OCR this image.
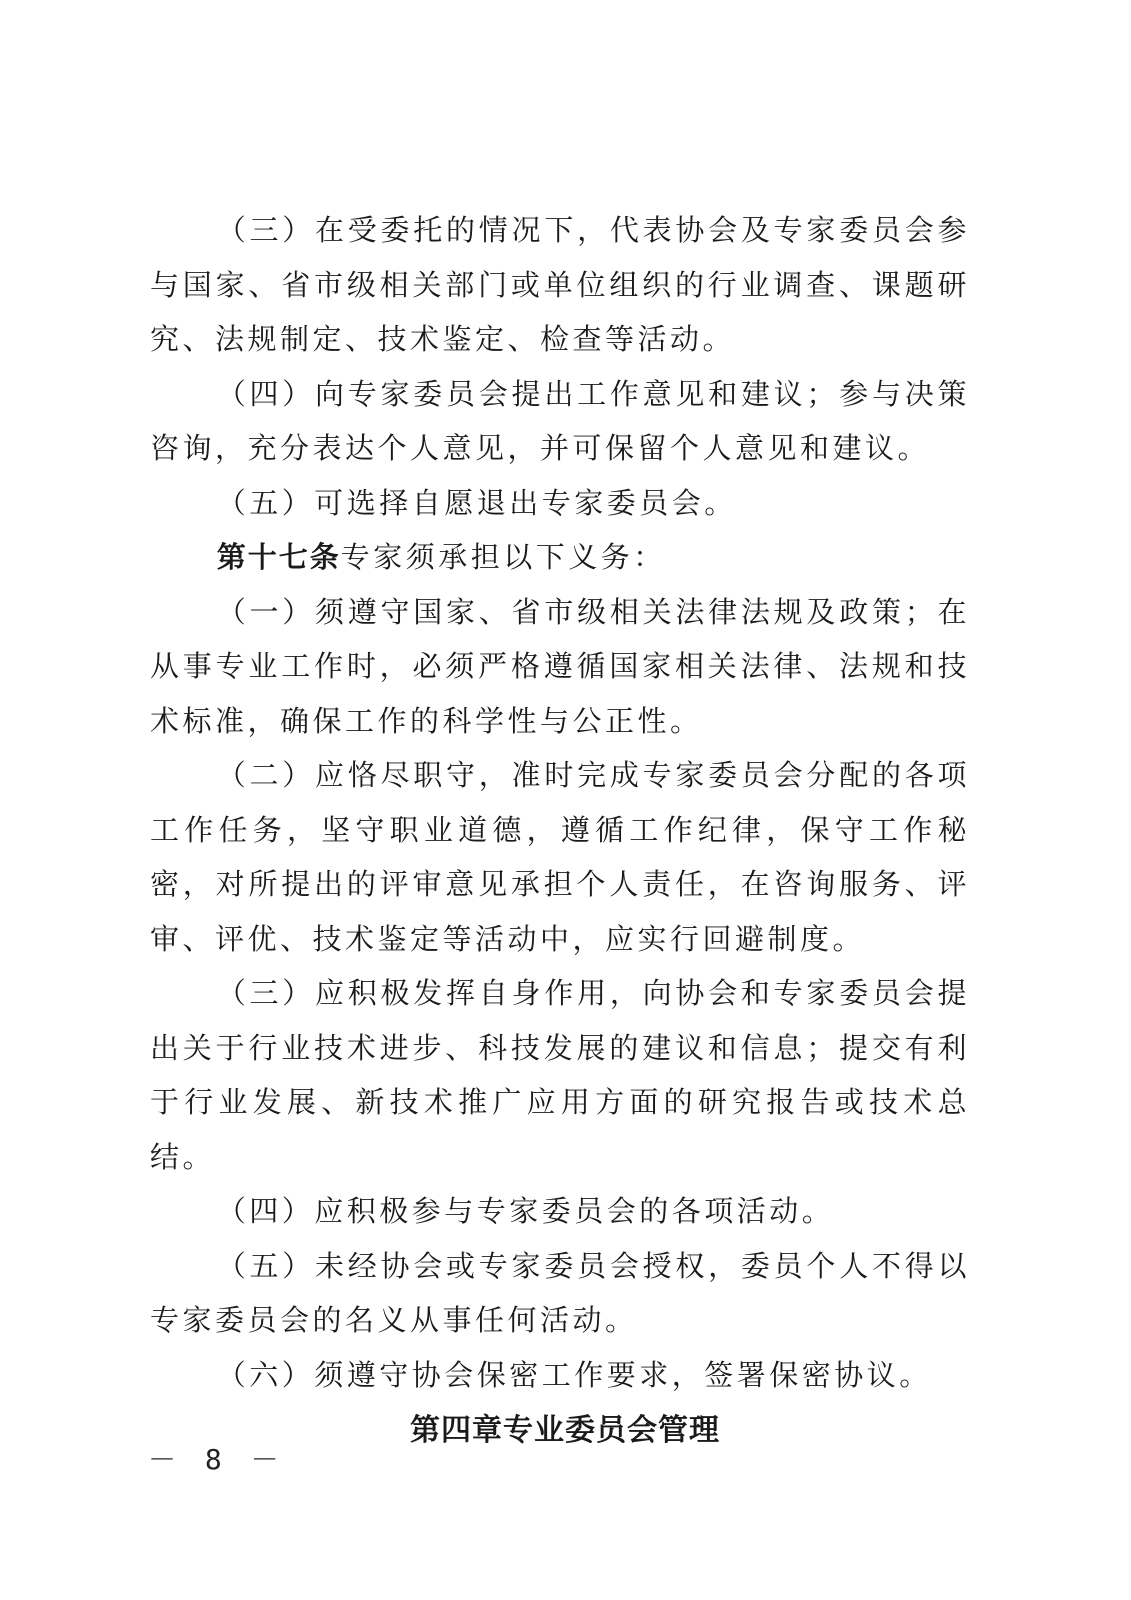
（三）在受委托的情况下，代表协会及专家委员会参与国家、省市级相关部门或单位组织的行业调查、课题研究、法规制定、技术鉴定、检查等活动。

（四）向专家委员会提出工作意见和建议；参与决策咨询，充分表达个人意见，并可保留个人意见和建议。

（五）可选择自愿退出专家委员会。

第十七条专家须承担以下义务：

（一）须遵守国家、省市级相关法律法规及政策；在从事专业工作时，必须严格遵循国家相关法律、法规和技术标准，确保工作的科学性与公正性。

（二）应恪尽职守，准时完成专家委员会分配的各项工作任务，坚守职业道德，遵循工作纪律，保守工作秘密，对所提出的评审意见承担个人责任，在咨询服务、评审、评优、技术鉴定等活动中，应实行回避制度。

（三）应积极发挥自身作用，向协会和专家委员会提出关于行业技术进步、科技发展的建议和信息；提交有利于行业发展、新技术推广应用方面的研究报告或技术总结。

（四）应积极参与专家委员会的各项活动。

（五）未经协会或专家委员会授权，委员个人不得以专家委员会的名义从事任何活动。

（六）须遵守协会保密工作要求，签署保密协议。

第四章专业委员会管理
－ 8 －
